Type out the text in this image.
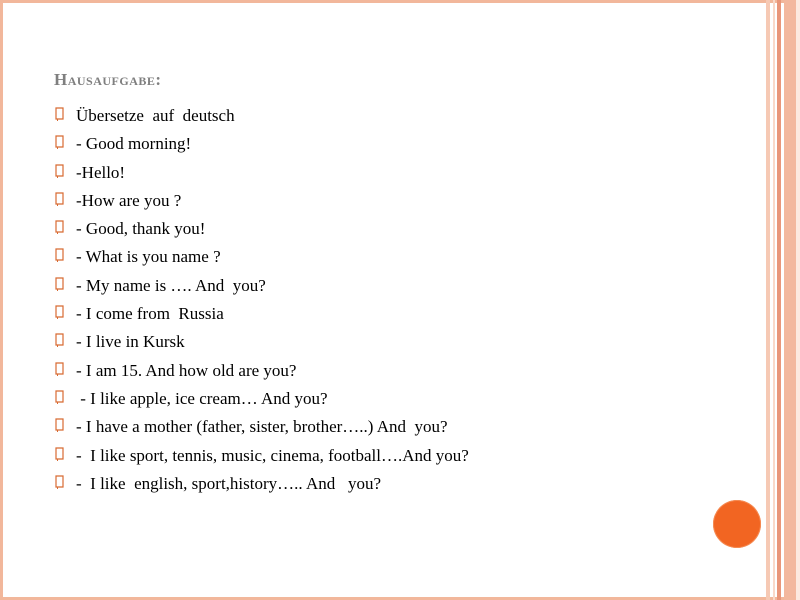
Hausaufgabe:
Übersetze  auf  deutsch
- Good morning!
-Hello!
-How are you ?
- Good, thank you!
- What is you name ?
- My name is …. And  you?
- I come from  Russia
- I live in Kursk
- I am 15. And how old are you?
- I like apple, ice cream… And you?
- I have a mother (father, sister, brother…..) And  you?
-  I like sport, tennis, music, cinema, football….And you?
-  I like  english, sport,history….. And   you?
